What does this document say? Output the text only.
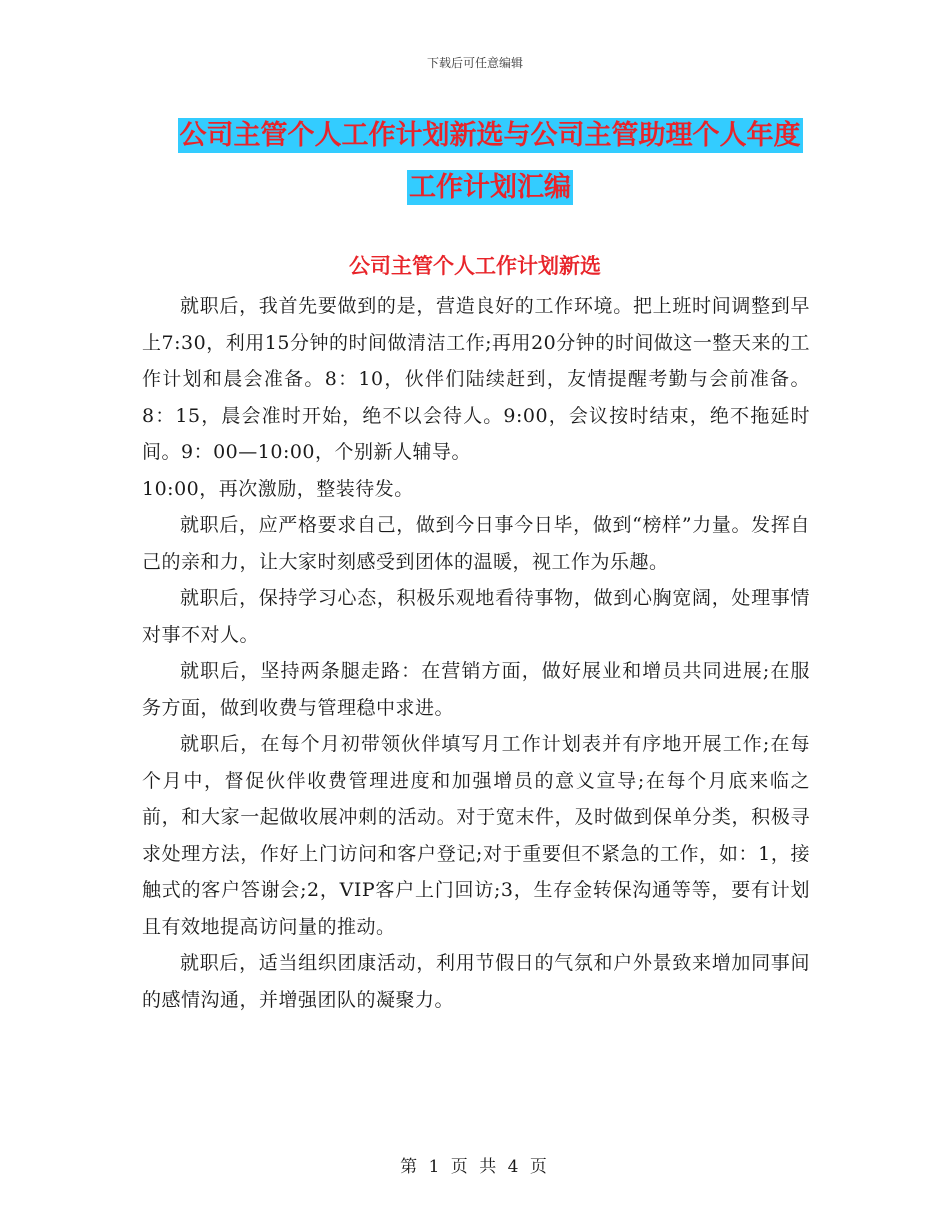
下载后可任意编辑
公司主管个人工作计划新选与公司主管助理个人年度
工作计划汇编
公司主管个人工作计划新选

就职后，我首先要做到的是，营造良好的工作环境。把上班时间调整到早上7:30，利用15分钟的时间做清洁工作;再用20分钟的时间做这一整天来的工作计划和晨会准备。8：10，伙伴们陆续赶到，友情提醒考勤与会前准备。8：15，晨会准时开始，绝不以会待人。9:00，会议按时结束，绝不拖延时间。9：00—10:00，个别新人辅导。

10:00，再次激励，整装待发。

就职后，应严格要求自己，做到今日事今日毕，做到“榜样”力量。发挥自己的亲和力，让大家时刻感受到团体的温暖，视工作为乐趣。

就职后，保持学习心态，积极乐观地看待事物，做到心胸宽阔，处理事情对事不对人。

就职后，坚持两条腿走路：在营销方面，做好展业和增员共同进展;在服务方面，做到收费与管理稳中求进。

就职后，在每个月初带领伙伴填写月工作计划表并有序地开展工作;在每个月中，督促伙伴收费管理进度和加强增员的意义宣导;在每个月底来临之前，和大家一起做收展冲刺的活动。对于宽末件，及时做到保单分类，积极寻求处理方法，作好上门访问和客户登记;对于重要但不紧急的工作，如：1，接触式的客户答谢会;2，VIP客户上门回访;3，生存金转保沟通等等，要有计划且有效地提高访问量的推动。

就职后，适当组织团康活动，利用节假日的气氛和户外景致来增加同事间的感情沟通，并增强团队的凝聚力。

第 1 页 共 4 页
